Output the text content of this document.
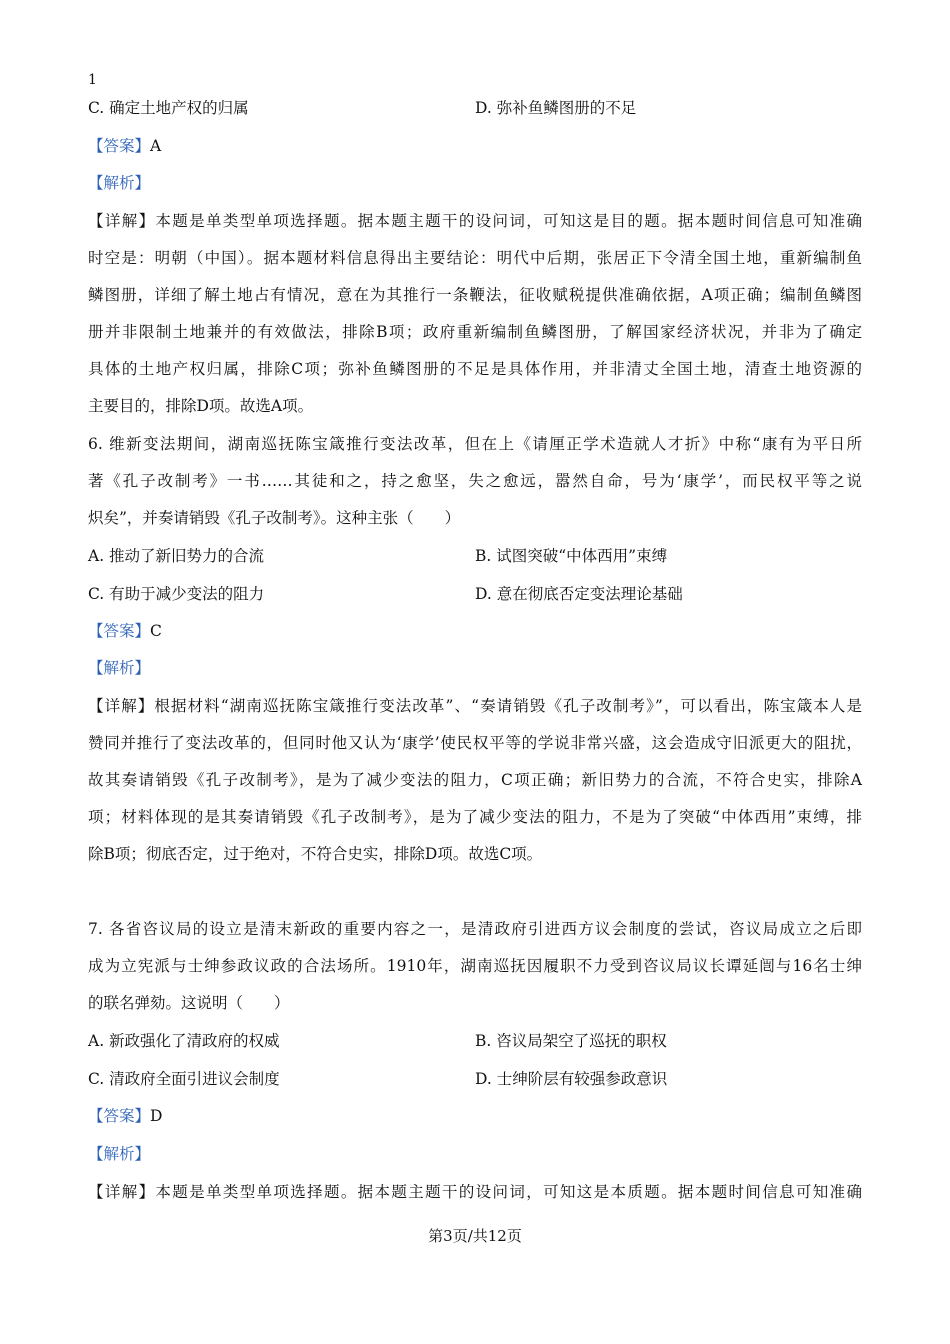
1
C. 确定土地产权的归属	D. 弥补鱼鳞图册的不足
【答案】A
【解析】
【详解】本题是单类型单项选择题。据本题主题干的设问词，可知这是目的题。据本题时间信息可知准确
时空是：明朝（中国）。据本题材料信息得出主要结论：明代中后期，张居正下令清全国土地，重新编制鱼
鳞图册，详细了解土地占有情况，意在为其推行一条鞭法，征收赋税提供准确依据，A项正确；编制鱼鳞图
册并非限制土地兼并的有效做法，排除B项；政府重新编制鱼鳞图册，了解国家经济状况，并非为了确定
具体的土地产权归属，排除C项；弥补鱼鳞图册的不足是具体作用，并非清丈全国土地，清查土地资源的
主要目的，排除D项。故选A项。
6. 维新变法期间，湖南巡抚陈宝箴推行变法改革，但在上《请厘正学术造就人才折》中称“康有为平日所
著《孔子改制考》一书……其徒和之，持之愈坚，失之愈远，嚣然自命，号为‘康学’，而民权平等之说
炽矣”，并奏请销毁《孔子改制考》。这种主张（　　）
A. 推动了新旧势力的合流	B. 试图突破“中体西用”束缚
C. 有助于减少变法的阻力	D. 意在彻底否定变法理论基础
【答案】C
【解析】
【详解】根据材料“湖南巡抚陈宝箴推行变法改革”、“奏请销毁《孔子改制考》”，可以看出，陈宝箴本人是
赞同并推行了变法改革的，但同时他又认为‘康学’使民权平等的学说非常兴盛，这会造成守旧派更大的阻扰，
故其奏请销毁《孔子改制考》，是为了减少变法的阻力，C项正确；新旧势力的合流，不符合史实，排除A
项；材料体现的是其奏请销毁《孔子改制考》，是为了减少变法的阻力，不是为了突破“中体西用”束缚，排
除B项；彻底否定，过于绝对，不符合史实，排除D项。故选C项。
7. 各省咨议局的设立是清末新政的重要内容之一，是清政府引进西方议会制度的尝试，咨议局成立之后即
成为立宪派与士绅参政议政的合法场所。1910年，湖南巡抚因履职不力受到咨议局议长谭延闿与16名士绅
的联名弹劾。这说明（　　）
A. 新政强化了清政府的权威	B. 咨议局架空了巡抚的职权
C. 清政府全面引进议会制度	D. 士绅阶层有较强参政意识
【答案】D
【解析】
【详解】本题是单类型单项选择题。据本题主题干的设问词，可知这是本质题。据本题时间信息可知准确
第3页/共12页
